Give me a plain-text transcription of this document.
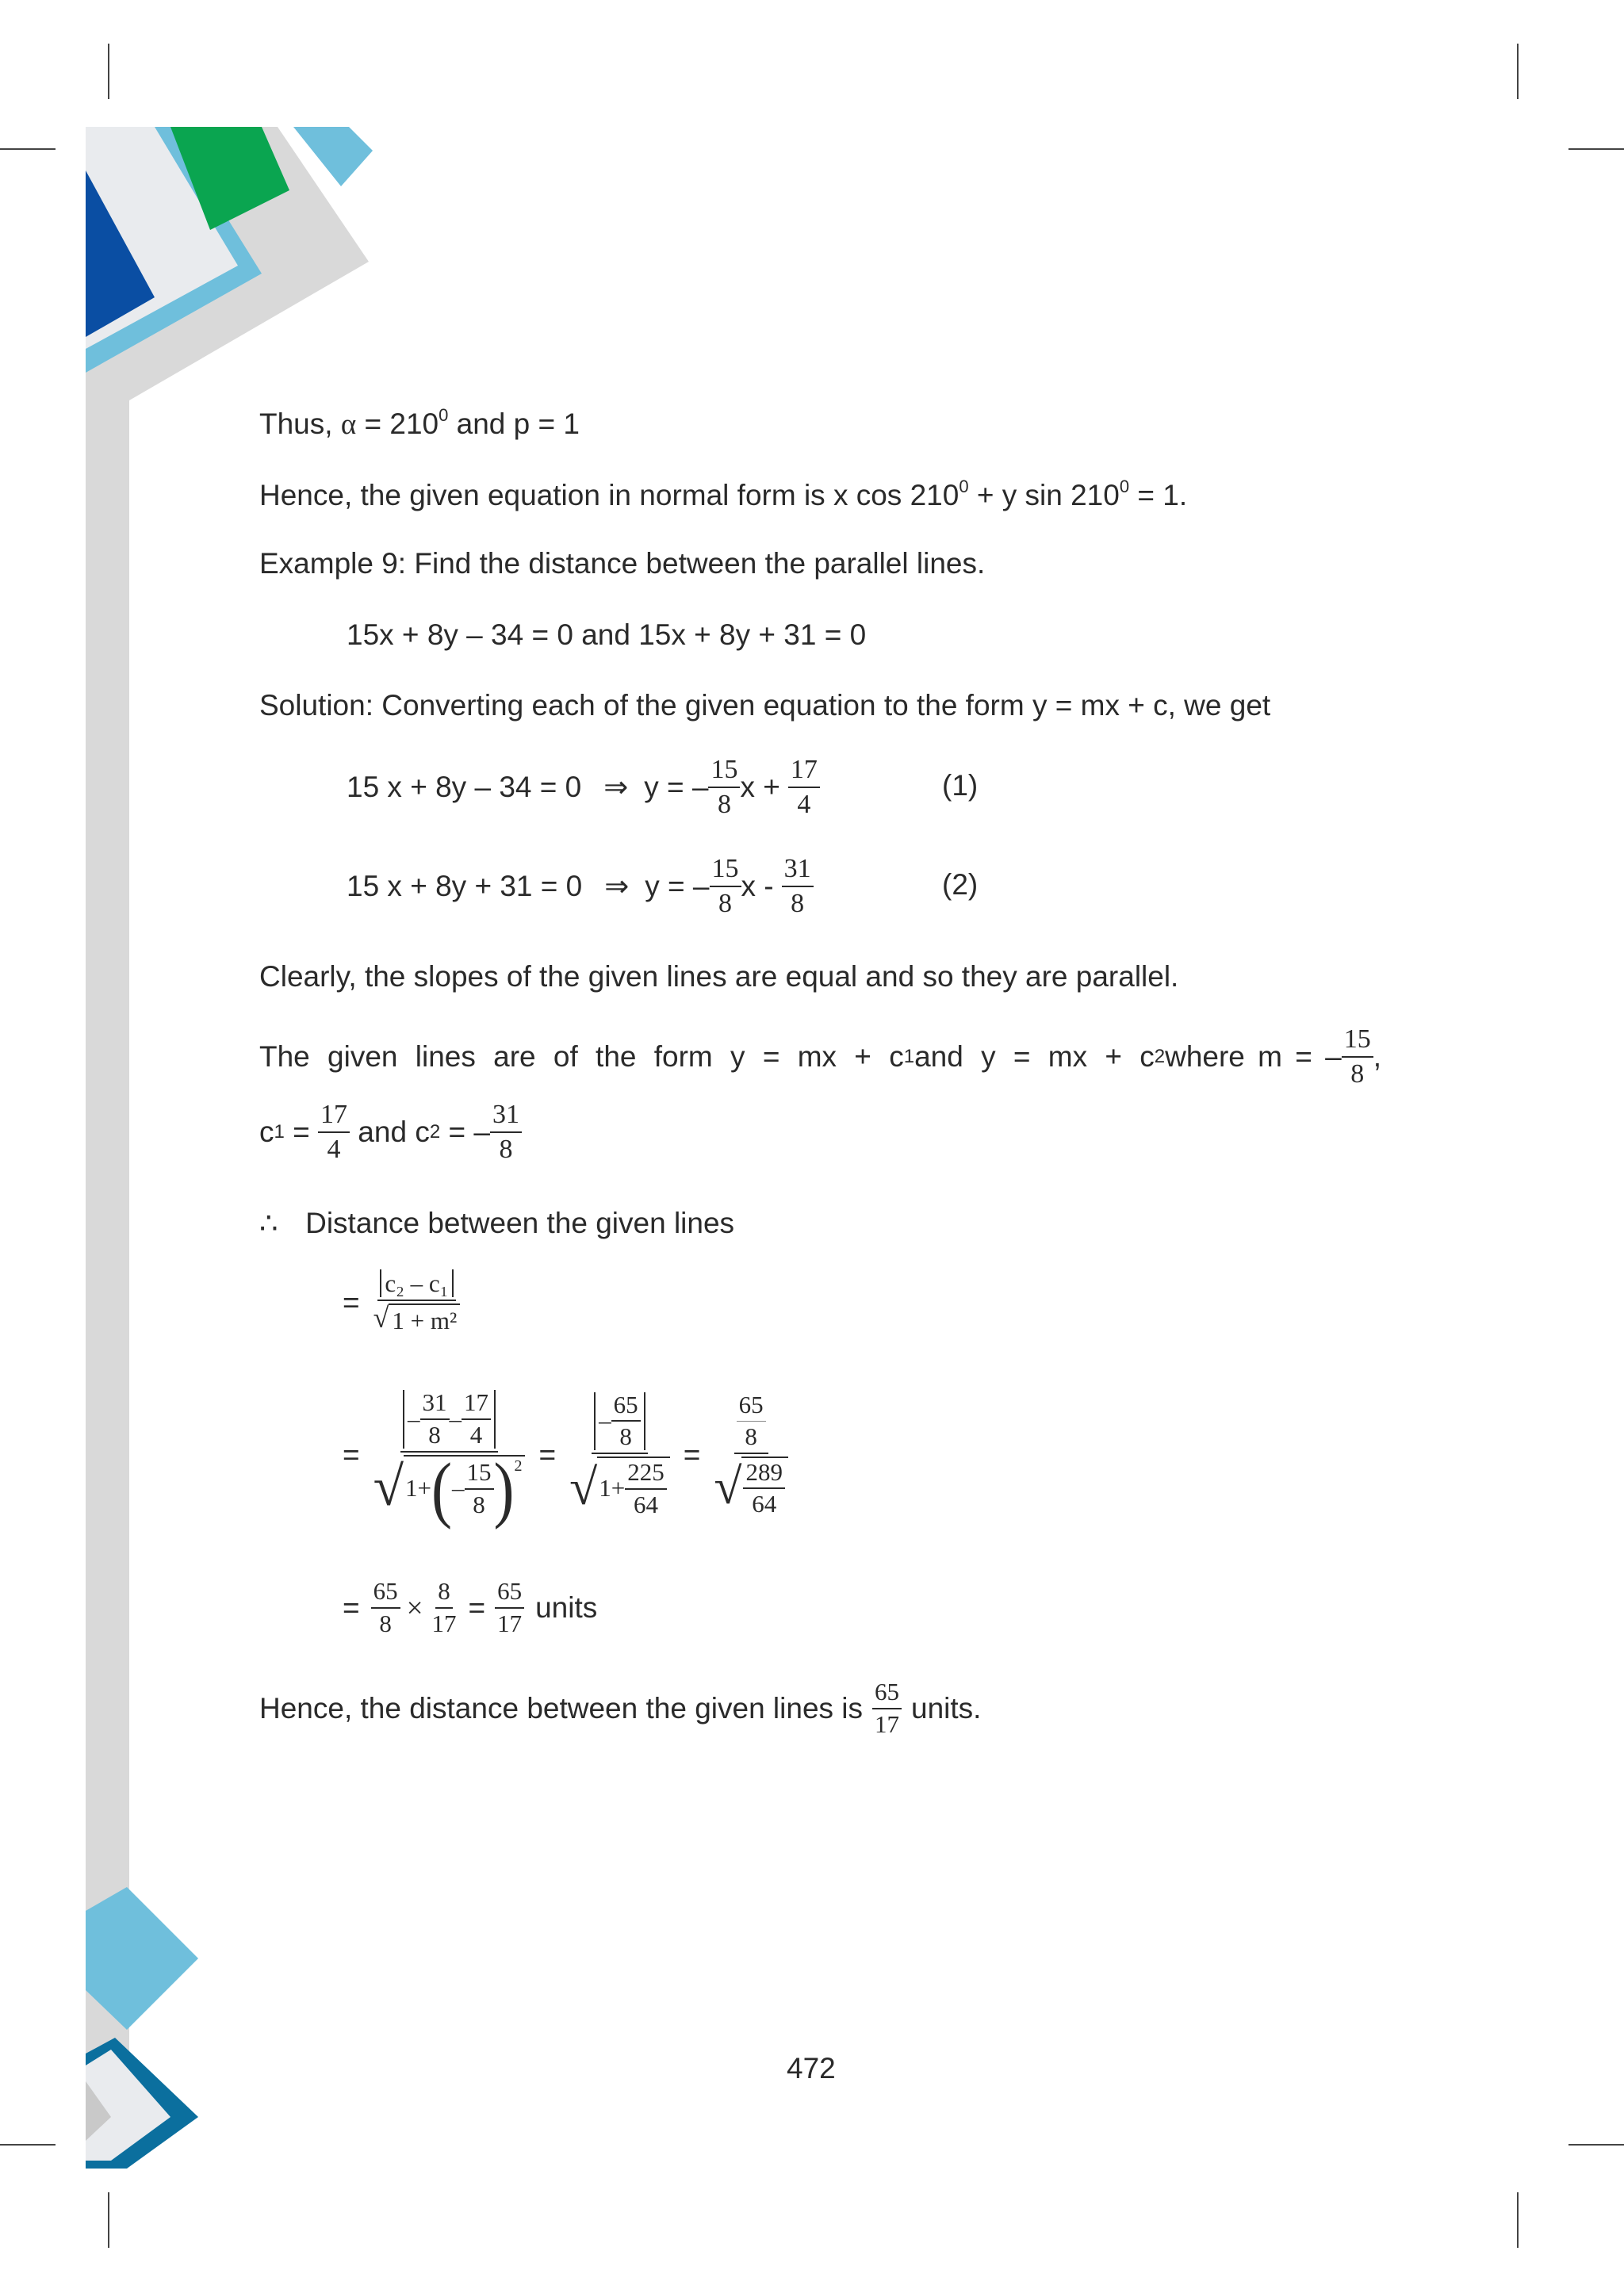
Thus, $\alpha = 210^0$ and p = 1
Hence, the given equation in normal form is x $\cos 210^0 + y$ $\sin 210^0 = 1$.
Example 9: Find the distance between the parallel lines.
15x + 8y – 34 = 0 and 15x + 8y + 31 = 0
Solution: Converting each of the given equation to the form y = mx + c, we get
15 x + 8y – 34 = 0 ⇒ y = – $\frac{15}{8}$ $x + \frac{17}{4}$	(1)
15 x + 8y + 31 = 0 ⇒ y = – $\frac{15}{8}$ x - $\frac{31}{8}$	(2)
Clearly, the slopes of the given lines are equal and so they are parallel.
The given lines are of the form y = mx + c 1 and y = mx + c 2 where m = – $\frac{15}{8}$ ,
c $1 = \frac{17}{4}$ and c 2 = – $\frac{31}{8}$
∴ Distance between the given lines
= $\frac{\text{c₂ – c₁}}{\text{√ 1 + m²}}$
= $\frac{- \frac{31}{8} - \frac{17}{4}}{√ 1+ ( - \frac{15}{8} )^2} = \frac{- \frac{65}{8}}{√ 1+ \frac{225}{64}} = \frac{\frac{65}{8}}{√ \frac{289}{64}}$
= $\frac{65}{8} \times \frac{8}{17} = \frac{65}{17}$ units
Hence, the distance between the given lines is $\frac{65}{17}$ units.
472
